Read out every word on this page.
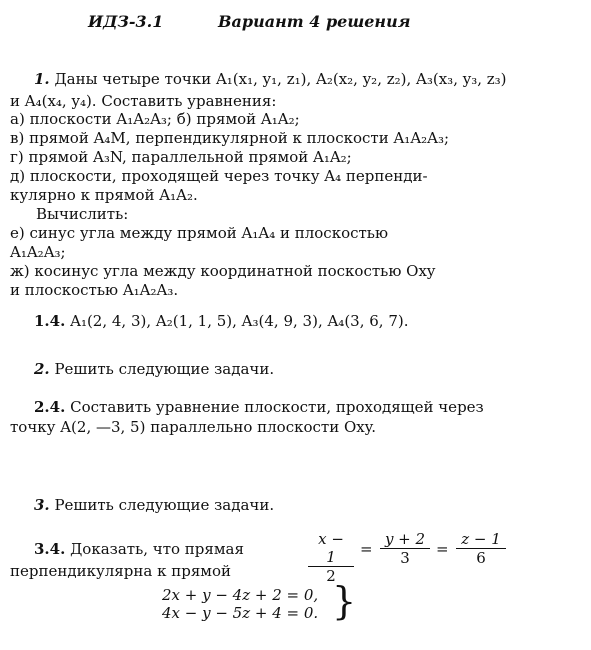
ИДЗ-3.1	Вариант 4 решения
1. Даны четыре точки A₁(x₁, y₁, z₁), A₂(x₂, y₂, z₂), A₃(x₃, y₃, z₃)
и A₄(x₄, y₄). Составить уравнения:
а) плоскости A₁A₂A₃; б) прямой A₁A₂;
в) прямой A₄M, перпендикулярной к плоскости A₁A₂A₃;
г) прямой A₃N, параллельной прямой A₁A₂;
д) плоскости, проходящей через точку A₄ перпенди-
кулярно к прямой A₁A₂.
Вычислить:
е) синус угла между прямой A₁A₄ и плоскостью
A₁A₂A₃;
ж) косинус угла между координатной поскостью Oxy
и плоскостью A₁A₂A₃.
1.4. A₁(2, 4, 3), A₂(1, 1, 5), A₃(4, 9, 3), A₄(3, 6, 7).
2. Решить следующие задачи.
2.4. Составить уравнение плоскости, проходящей через
точку A(2, —3, 5) параллельно плоскости Oxy.
3. Решить следующие задачи.
3.4. Доказать, что прямая
перпендикулярна к прямой	$\frac{x - 1}{2} = \frac{y + 2}{3} = \frac{z - 1}{6}$
2x + y − 4z + 2 = 0,
4x − y − 5z + 4 = 0. }
